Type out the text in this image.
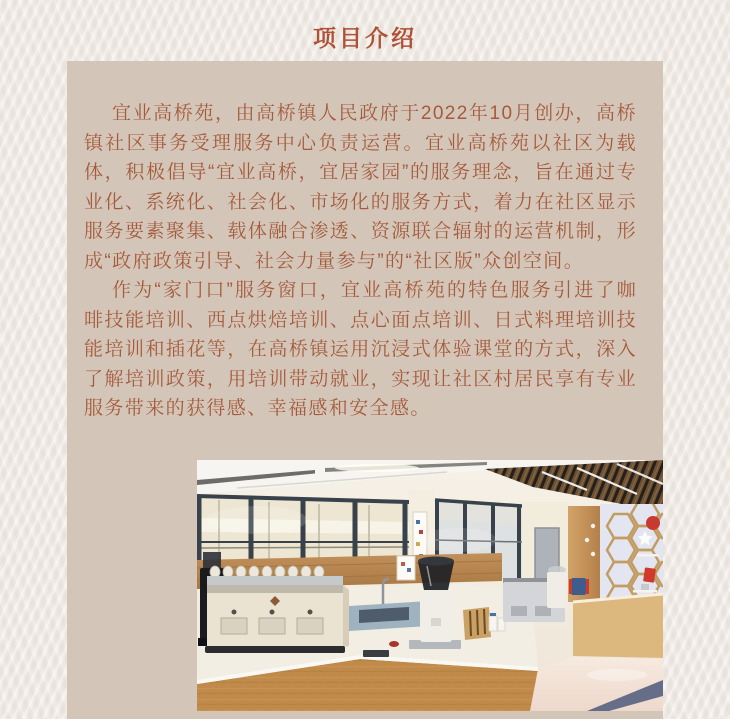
项目介绍

宜业高桥苑，由高桥镇人民政府于2022年10月创办，高桥镇社区事务受理服务中心负责运营。宜业高桥苑以社区为载体，积极倡导“宜业高桥，宜居家园”的服务理念，旨在通过专业化、系统化、社会化、市场化的服务方式，着力在社区显示服务要素聚集、载体融合渗透、资源联合辐射的运营机制，形成“政府政策引导、社会力量参与”的“社区版”众创空间。

作为“家门口”服务窗口，宜业高桥苑的特色服务引进了咖啡技能培训、西点烘焙培训、点心面点培训、日式料理培训技能培训和插花等，在高桥镇运用沉浸式体验课堂的方式，深入了解培训政策，用培训带动就业，实现让社区村居民享有专业服务带来的获得感、幸福感和安全感。
